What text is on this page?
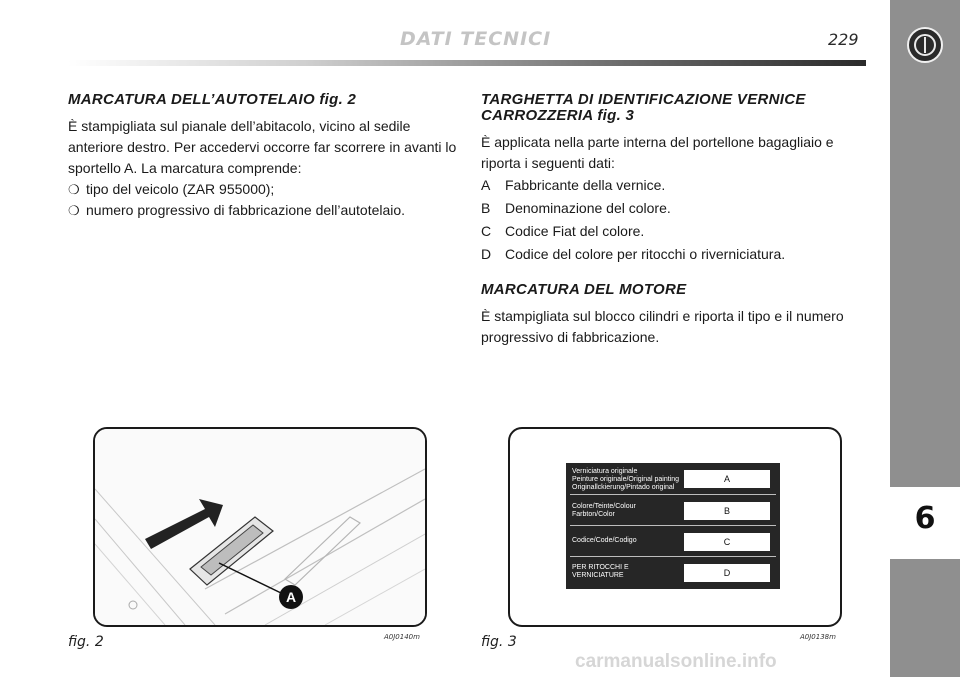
DATI TECNICI	229
6
MARCATURA DELL’AUTOTELAIO fig. 2

È stampigliata sul pianale dell’abitacolo, vicino al sedile anteriore destro. Per accedervi occorre far scorrere in avanti lo sportello A. La marcatura comprende:

❍ tipo del veicolo (ZAR 955000);
❍ numero progressivo di fabbricazione dell’autotelaio.
TARGHETTA DI IDENTIFICAZIONE VERNICE CARROZZERIA fig. 3

È applicata nella parte interna del portellone bagagliaio e riporta i seguenti dati:

A	Fabbricante della vernice.
B	Denominazione del colore.
C Codice Fiat del colore.
D Codice del colore per ritocchi o riverniciatura.
MARCATURA DEL MOTORE

È stampigliata sul blocco cilindri e riporta il tipo e il numero progressivo di fabbricazione.

A
fig. 2	A0J0140m
Verniciatura originale
Peinture originale/Original painting
Originallckierung/Pintado original
A
Colore/Teinte/Colour
Farbton/Color	B
Codice/Code/Codigo	C
PER RITOCCHI E
VERNICIATURE	D
fig. 3	A0J0138m
carmanualsonline.info
